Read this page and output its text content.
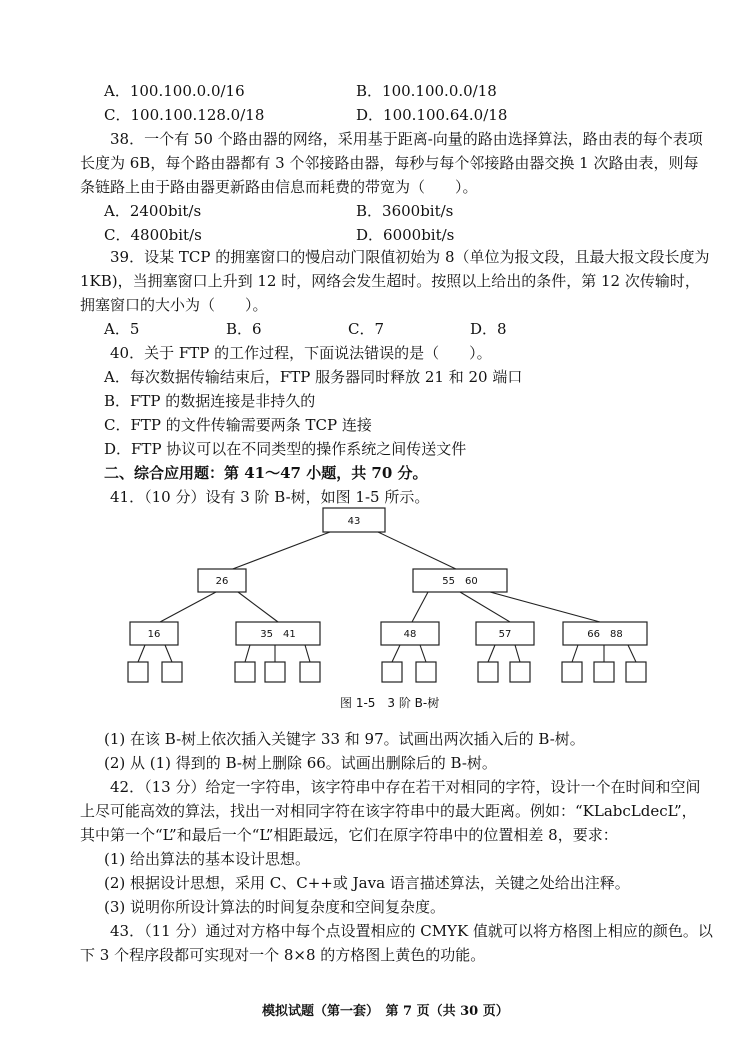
A．100.100.0.0/16	B．100.100.0.0/18
C．100.100.128.0/18	D．100.100.64.0/18
38．一个有 50 个路由器的网络，采用基于距离-向量的路由选择算法，路由表的每个表项
长度为 6B，每个路由器都有 3 个邻接路由器，每秒与每个邻接路由器交换 1 次路由表，则每
条链路上由于路由器更新路由信息而耗费的带宽为（　　）。
A．2400bit/s	B．3600bit/s
C．4800bit/s	D．6000bit/s
39．设某 TCP 的拥塞窗口的慢启动门限值初始为 8（单位为报文段，且最大报文段长度为
1KB)，当拥塞窗口上升到 12 时，网络会发生超时。按照以上给出的条件，第 12 次传输时，
拥塞窗口的大小为（　　）。
A．5	B．6	C．7	D．8
40．关于 FTP 的工作过程，下面说法错误的是（　　）。
A．每次数据传输结束后，FTP 服务器同时释放 21 和 20 端口
B．FTP 的数据连接是非持久的
C．FTP 的文件传输需要两条 TCP 连接
D．FTP 协议可以在不同类型的操作系统之间传送文件
二、综合应用题：第 41～47 小题，共 70 分。
41．（10 分）设有 3 阶 B-树，如图 1-5 所示。
43
26	55　60
16	35　41	48	57	66　88
图 1-5　3 阶 B-树
(1) 在该 B-树上依次插入关键字 33 和 97。试画出两次插入后的 B-树。
(2) 从 (1) 得到的 B-树上删除 66。试画出删除后的 B-树。
42．（13 分）给定一字符串，该字符串中存在若干对相同的字符，设计一个在时间和空间
上尽可能高效的算法，找出一对相同字符在该字符串中的最大距离。例如：“KLabcLdecL”，
其中第一个“L”和最后一个“L”相距最远，它们在原字符串中的位置相差 8，要求：
(1) 给出算法的基本设计思想。
(2) 根据设计思想，采用 C、C++或 Java 语言描述算法，关键之处给出注释。
(3) 说明你所设计算法的时间复杂度和空间复杂度。
43．（11 分）通过对方格中每个点设置相应的 CMYK 值就可以将方格图上相应的颜色。以
下 3 个程序段都可实现对一个 8×8 的方格图上黄色的功能。
模拟试题（第一套）　第 7 页（共 30 页）
